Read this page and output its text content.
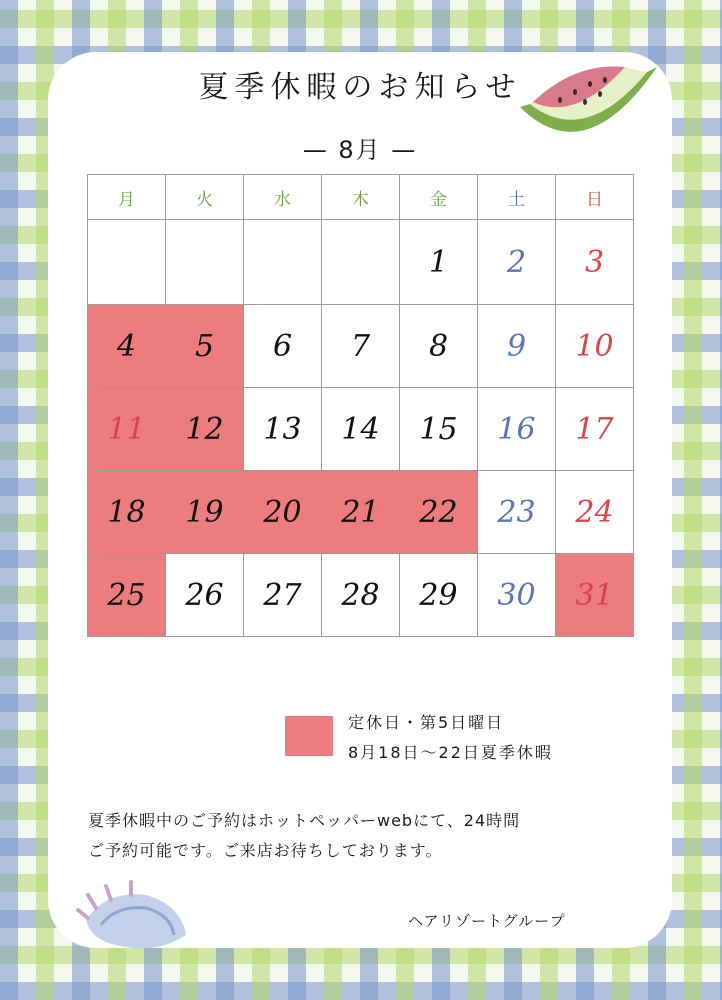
夏季休暇のお知らせ
— 8月 —
月	火	水	木	金	土	日
				1	2	3
4	5	6	7	8	9	10
11	12	13	14	15	16	17
18	19	20	21	22	23	24
25	26	27	28	29	30	31
定休日・第5日曜日
8月18日〜22日夏季休暇
夏季休暇中のご予約はホットペッパーwebにて、24時間
ご予約可能です。ご来店お待ちしております。
ヘアリゾートグループ
